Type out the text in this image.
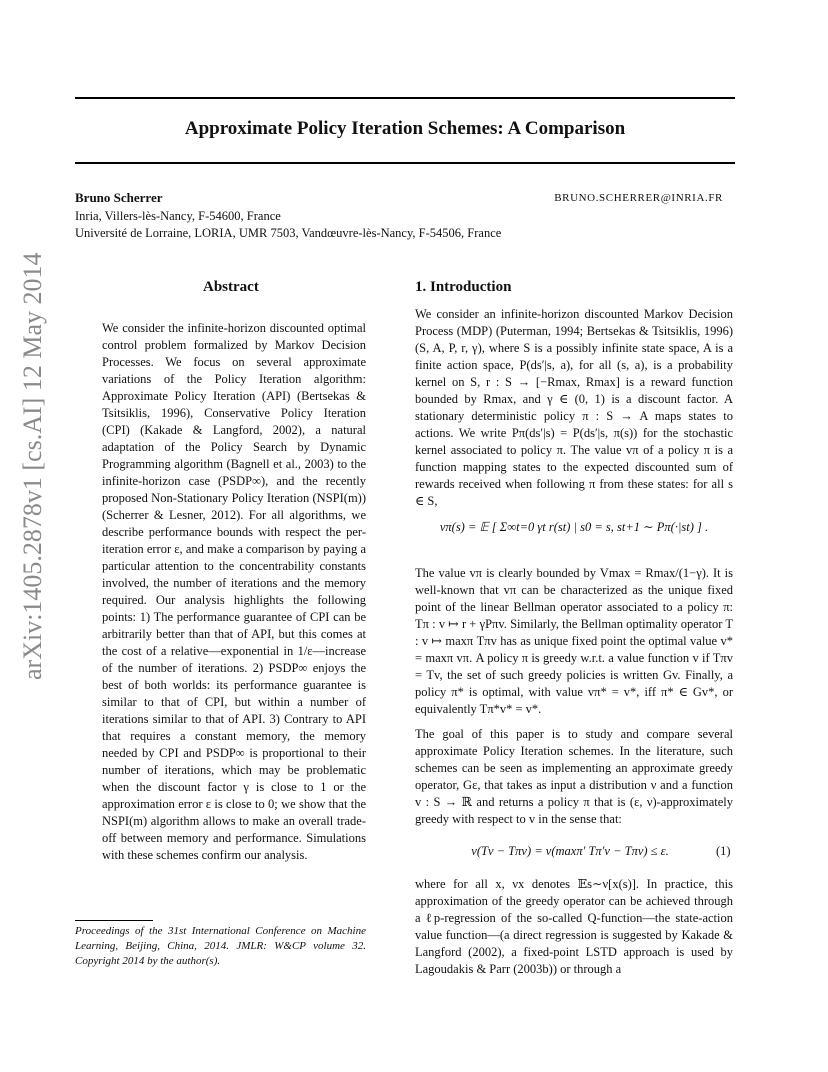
Approximate Policy Iteration Schemes: A Comparison
Bruno Scherrer	BRUNO.SCHERRER@INRIA.FR
Inria, Villers-lès-Nancy, F-54600, France
Université de Lorraine, LORIA, UMR 7503, Vandœuvre-lès-Nancy, F-54506, France
arXiv:1405.2878v1 [cs.AI] 12 May 2014	Abstract

We consider the infinite-horizon discounted optimal control problem formalized by Markov Decision Processes. We focus on several approximate variations of the Policy Iteration algorithm: Approximate Policy Iteration (API) (Bertsekas & Tsitsiklis, 1996), Conservative Policy Iteration (CPI) (Kakade & Langford, 2002), a natural adaptation of the Policy Search by Dynamic Programming algorithm (Bagnell et al., 2003) to the infinite-horizon case (PSDP∞), and the recently proposed Non-Stationary Policy Iteration (NSPI(m)) (Scherrer & Lesner, 2012). For all algorithms, we describe performance bounds with respect the per-iteration error ε, and make a comparison by paying a particular attention to the concentrability constants involved, the number of iterations and the memory required. Our analysis highlights the following points: 1) The performance guarantee of CPI can be arbitrarily better than that of API, but this comes at the cost of a relative—exponential in 1/ε—increase of the number of iterations. 2) PSDP∞ enjoys the best of both worlds: its performance guarantee is similar to that of CPI, but within a number of iterations similar to that of API. 3) Contrary to API that requires a constant memory, the memory needed by CPI and PSDP∞ is proportional to their number of iterations, which may be problematic when the discount factor γ is close to 1 or the approximation error ε is close to 0; we show that the NSPI(m) algorithm allows to make an overall trade-off between memory and performance. Simulations with these schemes confirm our analysis.

Proceedings of the 31st International Conference on Machine Learning, Beijing, China, 2014. JMLR: W&CP volume 32. Copyright 2014 by the author(s).
1. Introduction

We consider an infinite-horizon discounted Markov Decision Process (MDP) (Puterman, 1994; Bertsekas & Tsitsiklis, 1996) (S, A, P, r, γ), where S is a possibly infinite state space, A is a finite action space, P(ds′|s, a), for all (s, a), is a probability kernel on S, r : S → [−Rmax, Rmax] is a reward function bounded by Rmax, and γ ∈ (0, 1) is a discount factor. A stationary deterministic policy π : S → A maps states to actions. We write Pπ(ds′|s) = P(ds′|s, π(s)) for the stochastic kernel associated to policy π. The value vπ of a policy π is a function mapping states to the expected discounted sum of rewards received when following π from these states: for all s ∈ S,

vπ(s) = 𝔼 [ Σ∞t=0 γt r(st) | s0 = s, st+1 ∼ Pπ(·|st) ] .

The value vπ is clearly bounded by Vmax = Rmax/(1−γ). It is well-known that vπ can be characterized as the unique fixed point of the linear Bellman operator associated to a policy π: Tπ : v ↦ r + γPπv. Similarly, the Bellman optimality operator T : v ↦ maxπ Tπv has as unique fixed point the optimal value v* = maxπ vπ. A policy π is greedy w.r.t. a value function v if Tπv = Tv, the set of such greedy policies is written Gv. Finally, a policy π* is optimal, with value vπ* = v*, iff π* ∈ Gv*, or equivalently Tπ*v* = v*.

The goal of this paper is to study and compare several approximate Policy Iteration schemes. In the literature, such schemes can be seen as implementing an approximate greedy operator, Gε, that takes as input a distribution ν and a function v : S → ℝ and returns a policy π that is (ε, ν)-approximately greedy with respect to v in the sense that:

ν(Tv − Tπv) = ν(maxπ′ Tπ′v − Tπv) ≤ ε.	(1)

where for all x, νx denotes 𝔼s∼ν[x(s)]. In practice, this approximation of the greedy operator can be achieved through a ℓp-regression of the so-called Q-function—the state-action value function—(a direct regression is suggested by Kakade & Langford (2002), a fixed-point LSTD approach is used by Lagoudakis & Parr (2003b)) or through a
